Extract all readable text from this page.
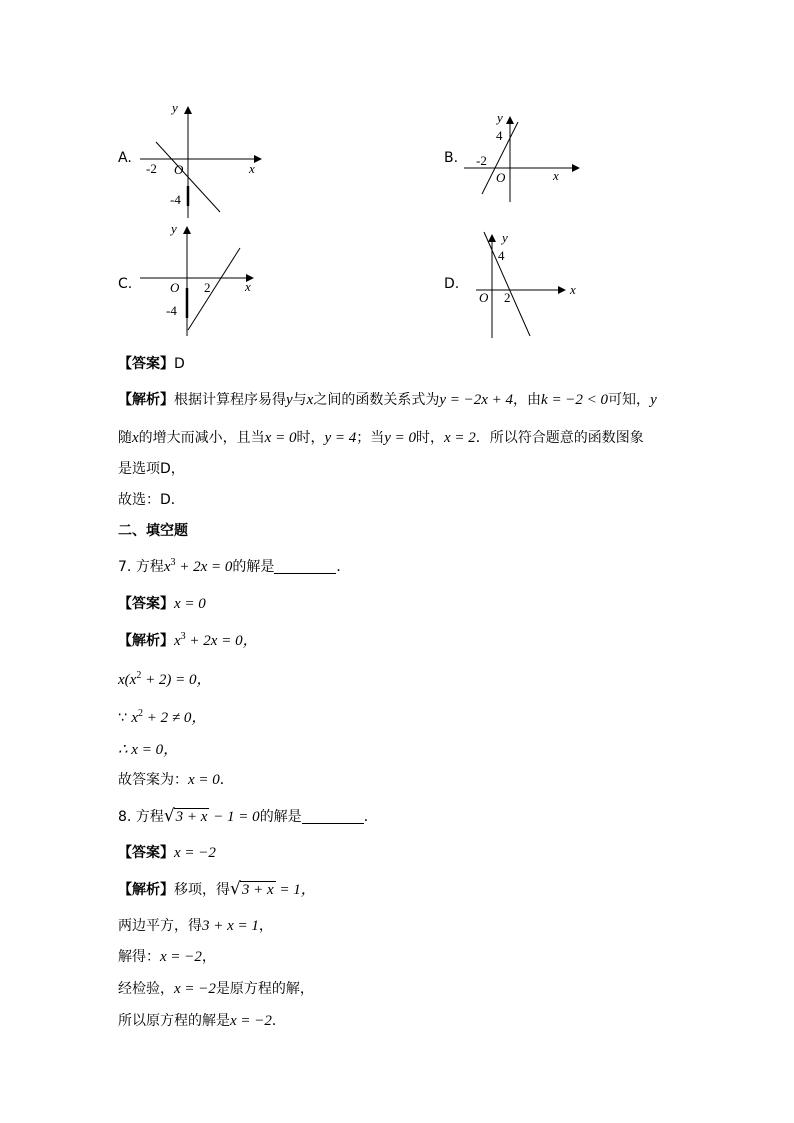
A.
y
x
O
-2
-4
B.
y
x
O
-2
4
C.
y
x
O 2
-4
D.
y
x
O 2
4
【答案】D
【解析】根据计算程序易得y与x之间的函数关系式为y = −2x + 4，由k = −2 < 0可知，y
随x的增大而减小，且当x = 0时，y = 4；当y = 0时，x = 2．所以符合题意的函数图象
是选项D，
故选：D．
二、填空题
7. 方程$x^3 + 2x = 0$的解是	．
【答案】x = 0
【解析】$x^3 + 2x = 0$，
$x(x^2 + 2) = 0$，
∵ $x^2 + 2 \ne 0$，
∴ x = 0，
故答案为：x = 0．
8. 方程√3 + x − 1 = 0的解是	．
【答案】x = −2
【解析】移项，得√3 + x = 1，
两边平方，得3 + x = 1，
解得：x = −2，
经检验，x = −2是原方程的解，
所以原方程的解是x = −2．
